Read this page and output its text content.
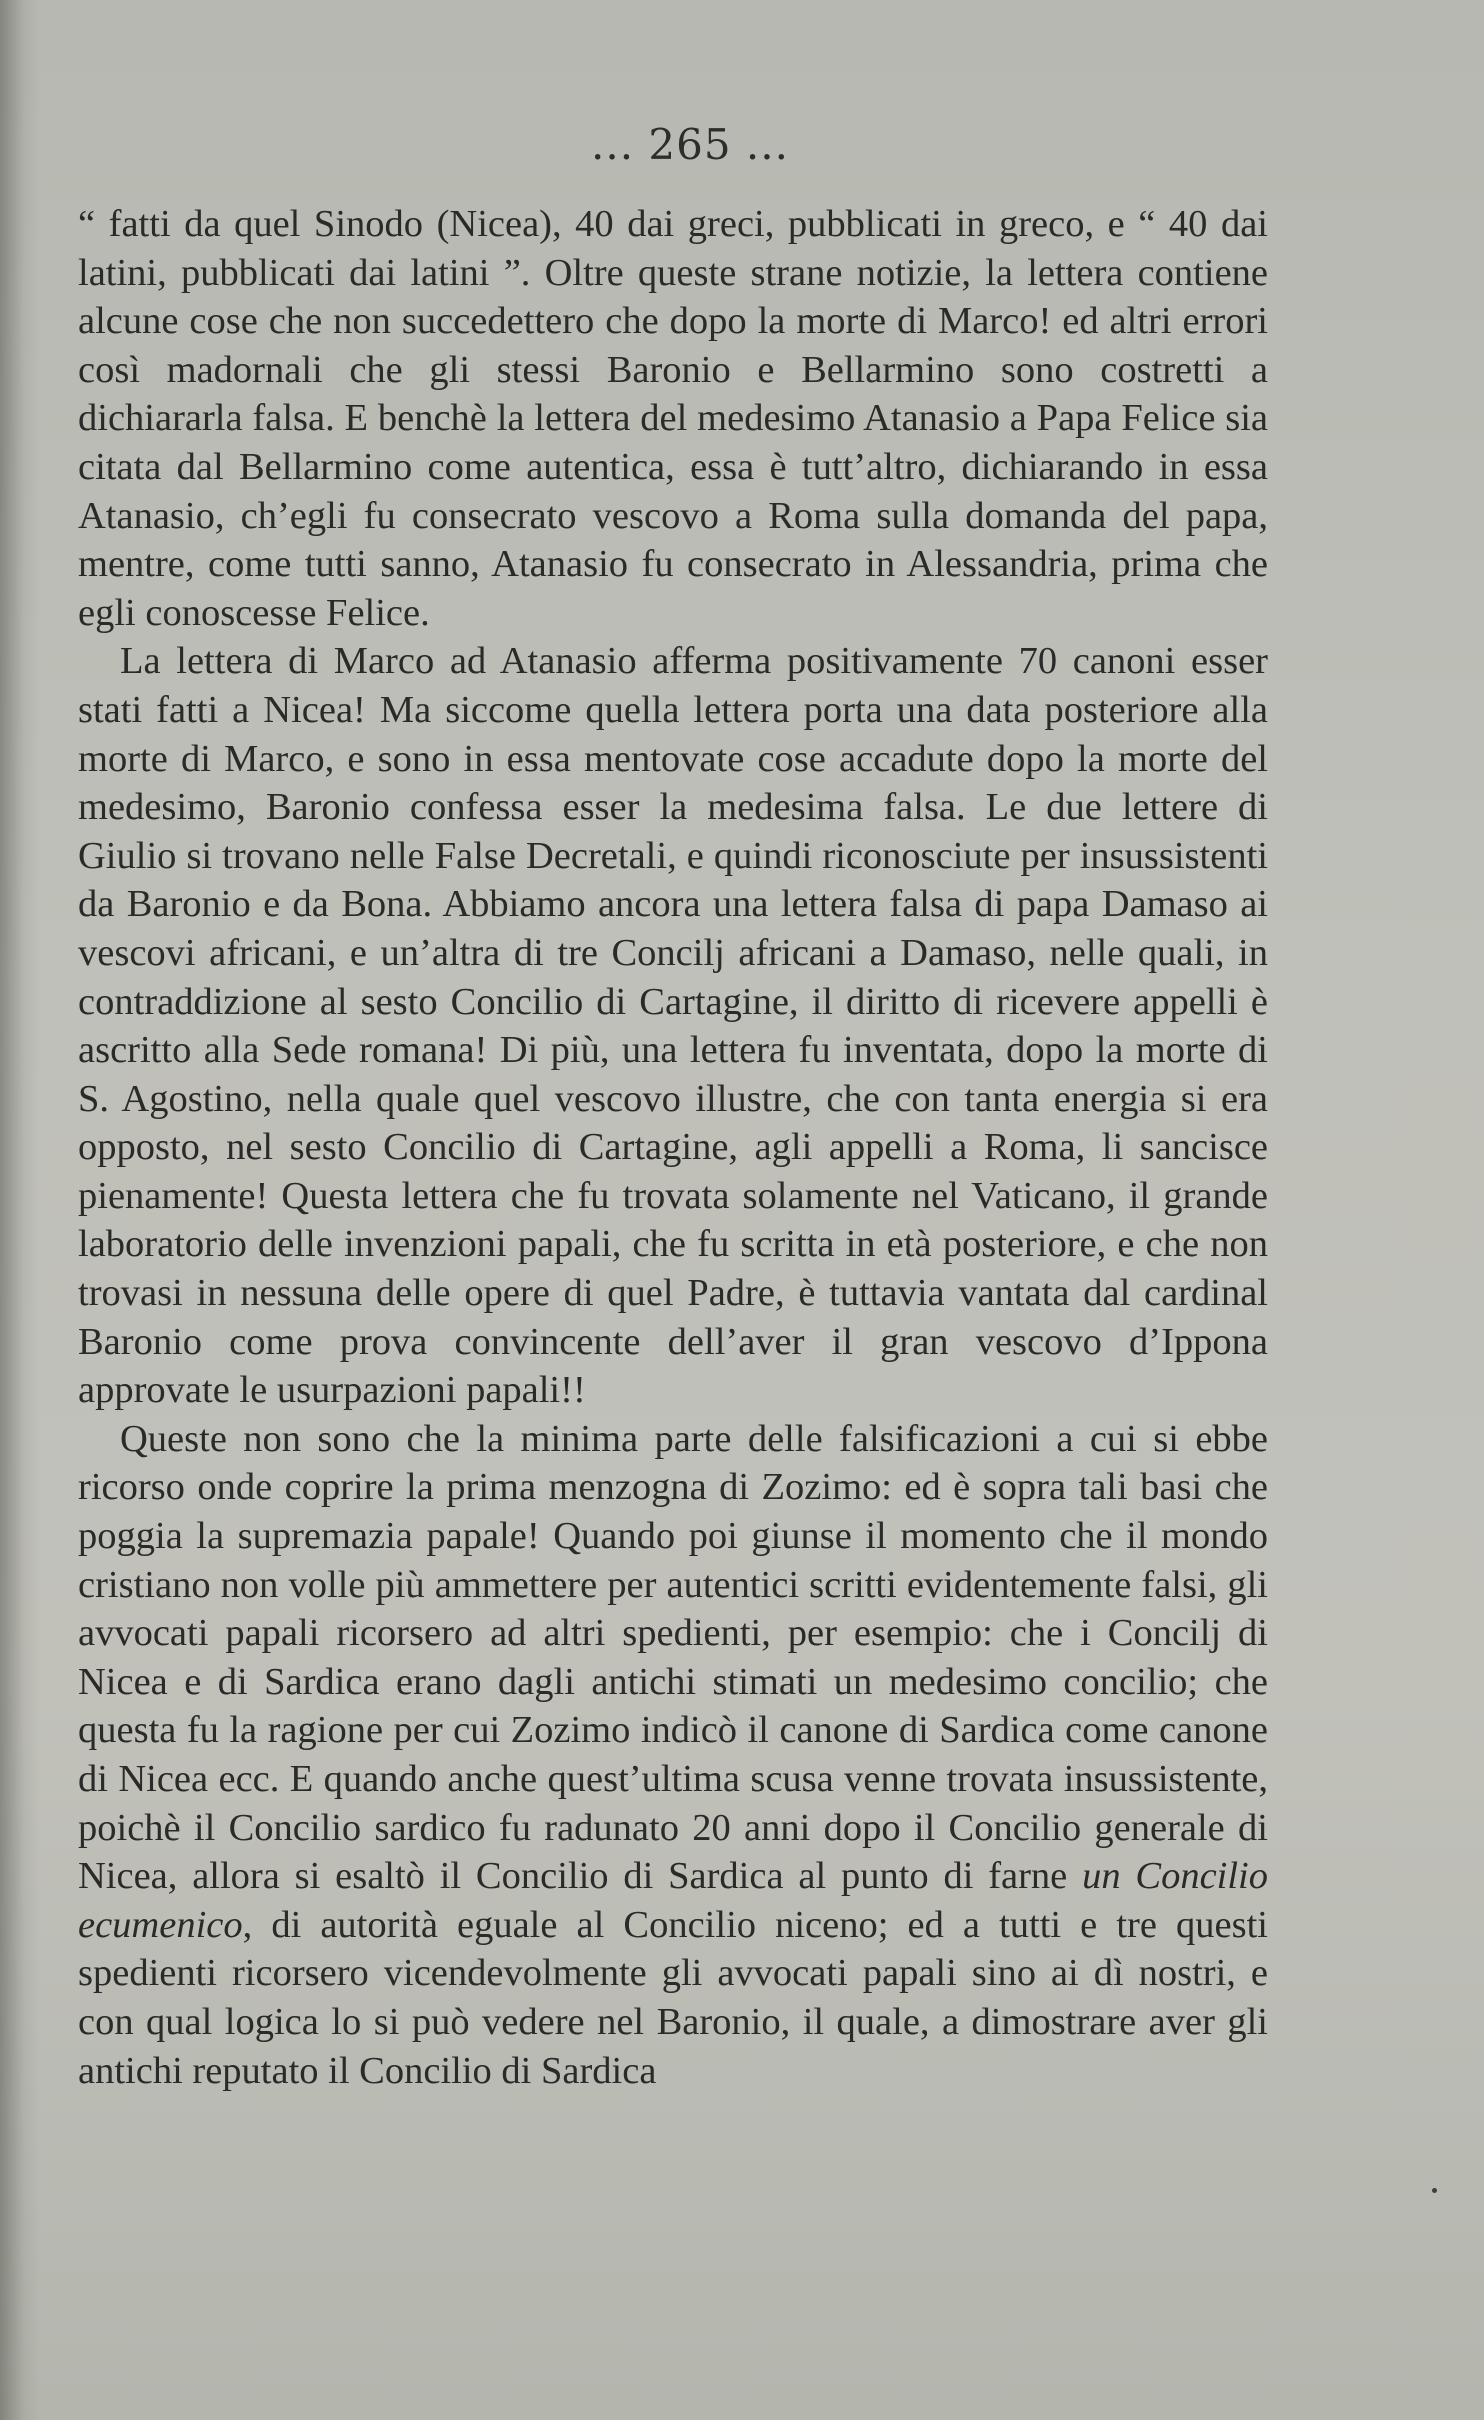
... 265 ...

“ fatti da quel Sinodo (Nicea), 40 dai greci, pubblicati in greco, e “ 40 dai latini, pubblicati dai latini ”. Oltre queste strane notizie, la lettera contiene alcune cose che non succedettero che dopo la morte di Marco! ed altri errori così madornali che gli stessi Baronio e Bellarmino sono costretti a dichiararla falsa. E benchè la lettera del medesimo Atanasio a Papa Felice sia citata dal Bellarmino come autentica, essa è tutt’altro, dichiarando in essa Atanasio, ch’egli fu consecrato vescovo a Roma sulla domanda del papa, mentre, come tutti sanno, Atanasio fu consecrato in Alessandria, prima che egli conoscesse Felice.

La lettera di Marco ad Atanasio afferma positivamente 70 canoni esser stati fatti a Nicea! Ma siccome quella lettera porta una data posteriore alla morte di Marco, e sono in essa mentovate cose accadute dopo la morte del medesimo, Baronio confessa esser la medesima falsa. Le due lettere di Giulio si trovano nelle False Decretali, e quindi riconosciute per insussistenti da Baronio e da Bona. Abbiamo ancora una lettera falsa di papa Damaso ai vescovi africani, e un’altra di tre Concilj africani a Damaso, nelle quali, in contraddizione al sesto Concilio di Cartagine, il diritto di ricevere appelli è ascritto alla Sede romana! Di più, una lettera fu inventata, dopo la morte di S. Agostino, nella quale quel vescovo illustre, che con tanta energia si era opposto, nel sesto Concilio di Cartagine, agli appelli a Roma, li sancisce pienamente! Questa lettera che fu trovata solamente nel Vaticano, il grande laboratorio delle invenzioni papali, che fu scritta in età posteriore, e che non trovasi in nessuna delle opere di quel Padre, è tuttavia vantata dal cardinal Baronio come prova convincente dell’aver il gran vescovo d’Ippona approvate le usurpazioni papali!!

Queste non sono che la minima parte delle falsificazioni a cui si ebbe ricorso onde coprire la prima menzogna di Zozimo: ed è sopra tali basi che poggia la supremazia papale! Quando poi giunse il momento che il mondo cristiano non volle più ammettere per autentici scritti evidentemente falsi, gli avvocati papali ricorsero ad altri spedienti, per esempio: che i Concilj di Nicea e di Sardica erano dagli antichi stimati un medesimo concilio; che questa fu la ragione per cui Zozimo indicò il canone di Sardica come canone di Nicea ecc. E quando anche quest’ultima scusa venne trovata insussistente, poichè il Concilio sardico fu radunato 20 anni dopo il Concilio generale di Nicea, allora si esaltò il Concilio di Sardica al punto di farne un Concilio ecumenico, di autorità eguale al Concilio niceno; ed a tutti e tre questi spedienti ricorsero vicendevolmente gli avvocati papali sino ai dì nostri, e con qual logica lo si può vedere nel Baronio, il quale, a dimostrare aver gli antichi reputato il Concilio di Sardica
